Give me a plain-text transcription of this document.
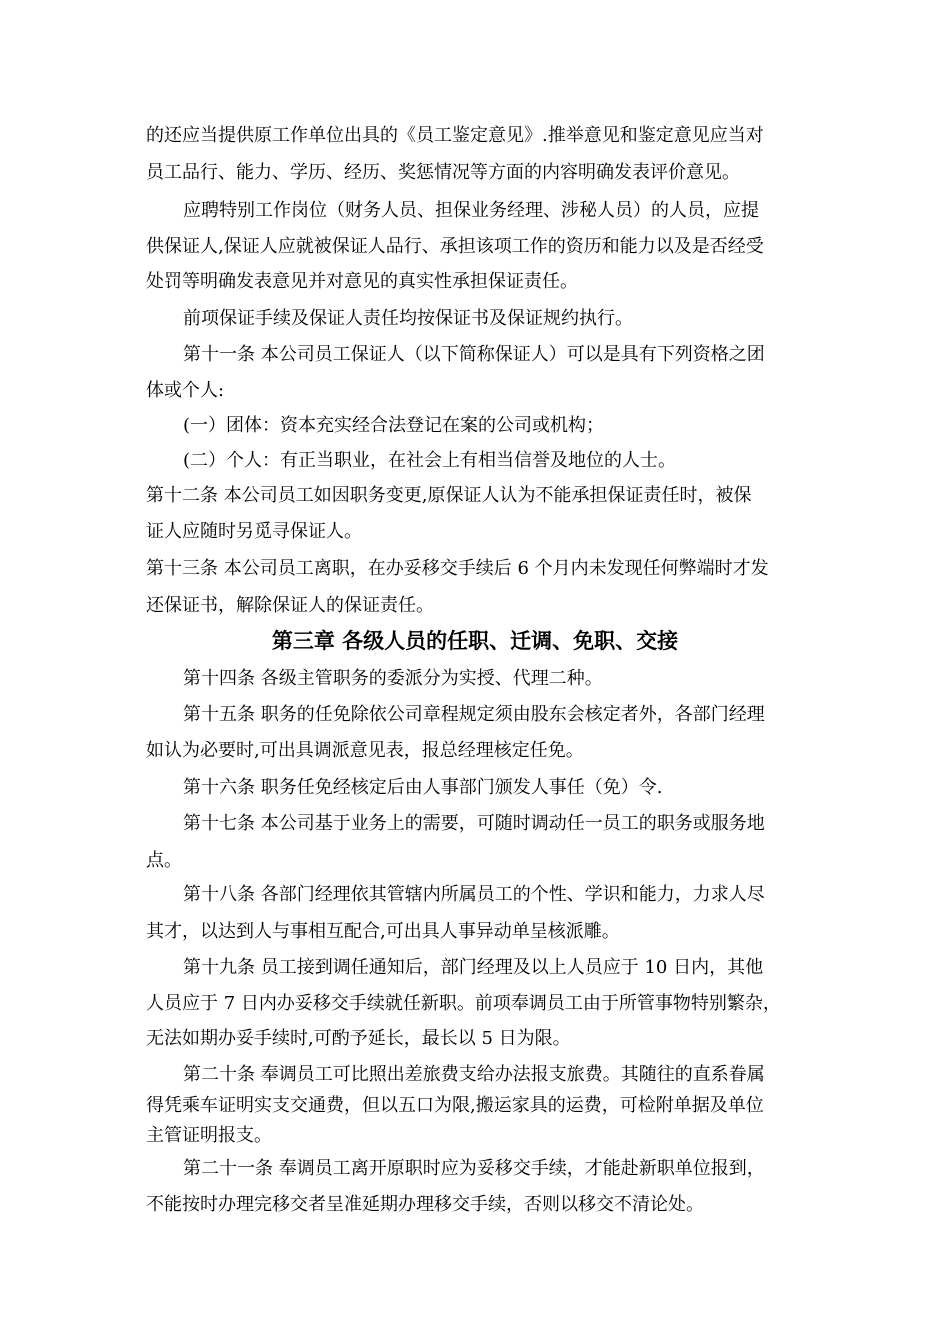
的还应当提供原工作单位出具的《员工鉴定意见》.推举意见和鉴定意见应当对
员工品行、能力、学历、经历、奖惩情况等方面的内容明确发表评价意见。
应聘特别工作岗位（财务人员、担保业务经理、涉秘人员）的人员，应提
供保证人,保证人应就被保证人品行、承担该项工作的资历和能力以及是否经受
处罚等明确发表意见并对意见的真实性承担保证责任。
前项保证手续及保证人责任均按保证书及保证规约执行。
第十一条 本公司员工保证人（以下简称保证人）可以是具有下列资格之团
体或个人:
(一）团体：资本充实经合法登记在案的公司或机构；
(二）个人：有正当职业，在社会上有相当信誉及地位的人士。
第十二条 本公司员工如因职务变更,原保证人认为不能承担保证责任时，被保
证人应随时另觅寻保证人。
第十三条 本公司员工离职，在办妥移交手续后 6 个月内未发现任何弊端时才发
还保证书，解除保证人的保证责任。
第三章 各级人员的任职、迁调、免职、交接
第十四条 各级主管职务的委派分为实授、代理二种。
第十五条 职务的任免除依公司章程规定须由股东会核定者外，各部门经理
如认为必要时,可出具调派意见表，报总经理核定任免。
第十六条 职务任免经核定后由人事部门颁发人事任（免）令.
第十七条 本公司基于业务上的需要，可随时调动任一员工的职务或服务地
点。
第十八条 各部门经理依其管辖内所属员工的个性、学识和能力，力求人尽
其才，以达到人与事相互配合,可出具人事异动单呈核派雕。
第十九条 员工接到调任通知后，部门经理及以上人员应于 10 日内，其他
人员应于 7 日内办妥移交手续就任新职。前项奉调员工由于所管事物特别繁杂，
无法如期办妥手续时,可酌予延长，最长以 5 日为限。
第二十条 奉调员工可比照出差旅费支给办法报支旅费。其随往的直系眷属
得凭乘车证明实支交通费，但以五口为限,搬运家具的运费，可检附单据及单位
主管证明报支。
第二十一条 奉调员工离开原职时应为妥移交手续，才能赴新职单位报到，
不能按时办理完移交者呈准延期办理移交手续，否则以移交不清论处。
